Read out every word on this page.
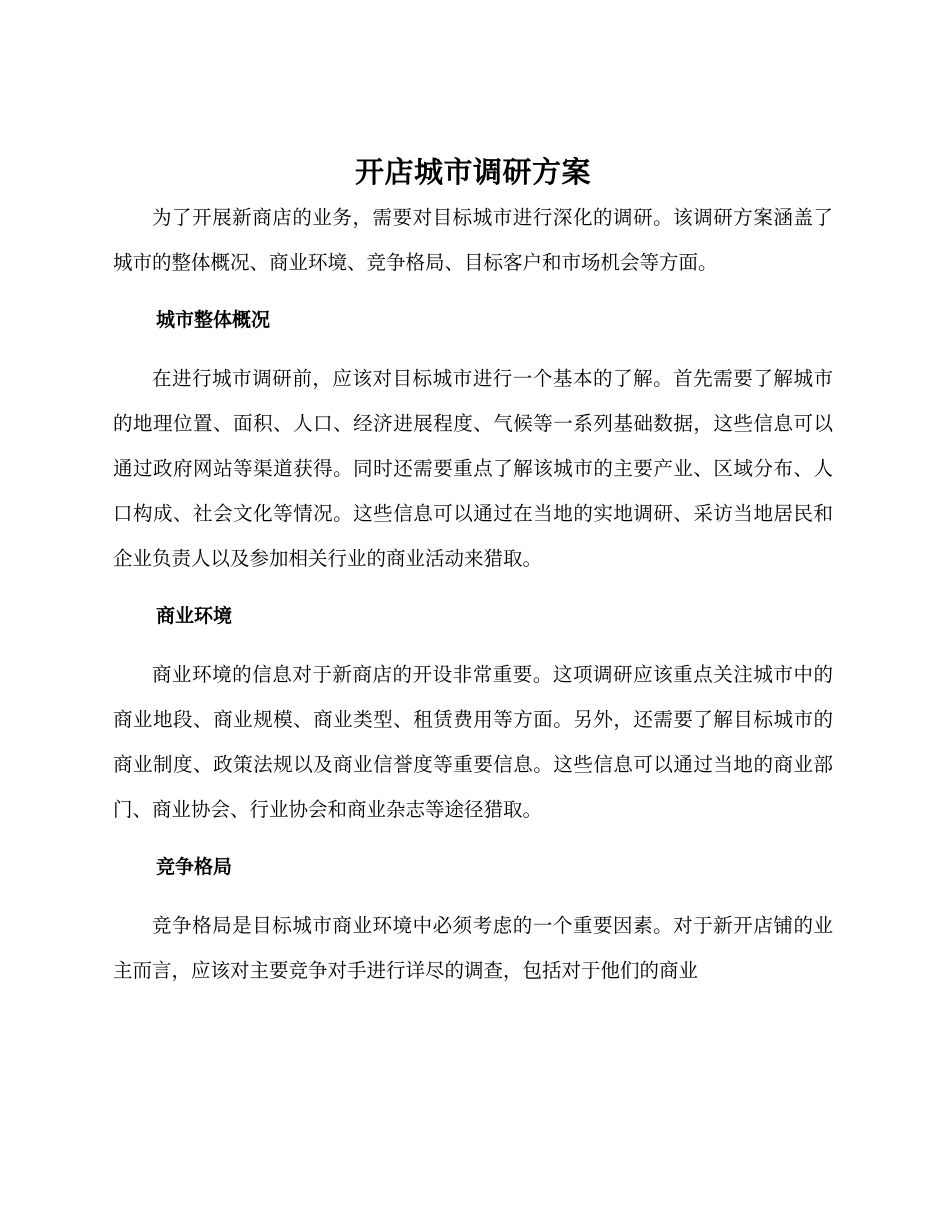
开店城市调研方案

为了开展新商店的业务，需要对目标城市进行深化的调研。该调研方案涵盖了城市的整体概况、商业环境、竞争格局、目标客户和市场机会等方面。

城市整体概况

在进行城市调研前，应该对目标城市进行一个基本的了解。首先需要了解城市的地理位置、面积、人口、经济进展程度、气候等一系列基础数据，这些信息可以通过政府网站等渠道获得。同时还需要重点了解该城市的主要产业、区域分布、人口构成、社会文化等情况。这些信息可以通过在当地的实地调研、采访当地居民和企业负责人以及参加相关行业的商业活动来猎取。

商业环境

商业环境的信息对于新商店的开设非常重要。这项调研应该重点关注城市中的商业地段、商业规模、商业类型、租赁费用等方面。另外，还需要了解目标城市的商业制度、政策法规以及商业信誉度等重要信息。这些信息可以通过当地的商业部门、商业协会、行业协会和商业杂志等途径猎取。

竞争格局

竞争格局是目标城市商业环境中必须考虑的一个重要因素。对于新开店铺的业主而言，应该对主要竞争对手进行详尽的调查，包括对于他们的商业
